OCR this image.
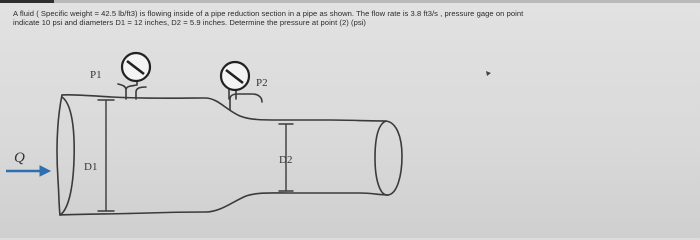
A fluid ( Specific weight = 42.5 lb/ft3) is flowing inside of a pipe reduction section in a pipe as shown. The flow rate is 3.8 ft3/s , pressure gage on point
indicate 10 psi and diameters D1 = 12 inches, D2 = 5.9 inches. Determine the pressure at point (2) (psi)

Q
P1
P2
D1
D2
